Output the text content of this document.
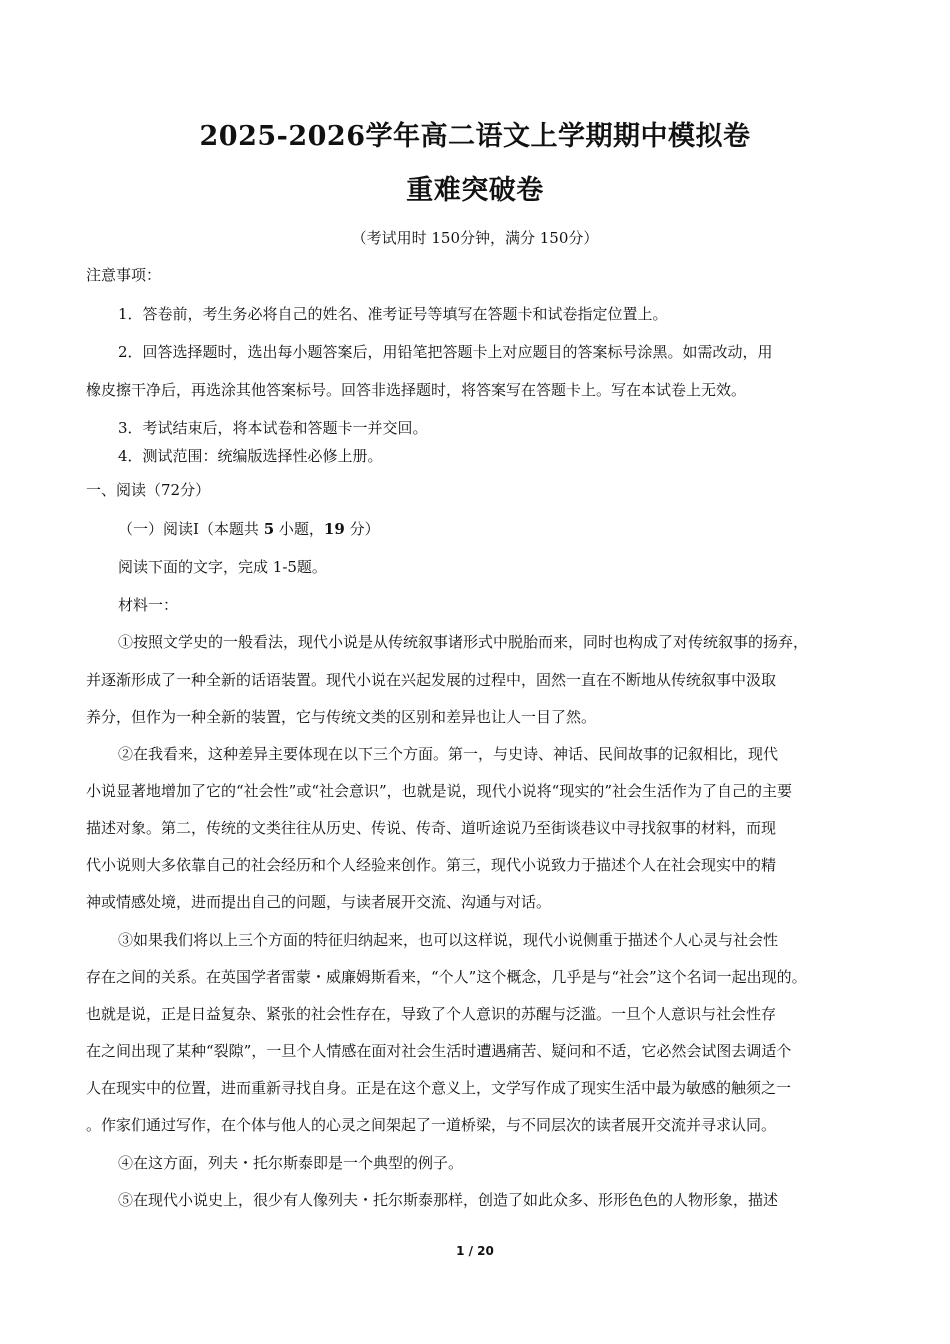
2025-2026学年高二语文上学期期中模拟卷
重难突破卷
（考试用时 150分钟，满分 150分）
注意事项：
1．答卷前，考生务必将自己的姓名、准考证号等填写在答题卡和试卷指定位置上。
2．回答选择题时，选出每小题答案后，用铅笔把答题卡上对应题目的答案标号涂黑。如需改动，用
橡皮擦干净后，再选涂其他答案标号。回答非选择题时，将答案写在答题卡上。写在本试卷上无效。
3．考试结束后，将本试卷和答题卡一并交回。
4．测试范围：统编版选择性必修上册。
一、阅读（72分）
（一）阅读Ⅰ（本题共 5 小题，19 分）
阅读下面的文字，完成 1-5题。
材料一：
①按照文学史的一般看法，现代小说是从传统叙事诸形式中脱胎而来，同时也构成了对传统叙事的扬弃，
并逐渐形成了一种全新的话语装置。现代小说在兴起发展的过程中，固然一直在不断地从传统叙事中汲取
养分，但作为一种全新的装置，它与传统文类的区别和差异也让人一目了然。
②在我看来，这种差异主要体现在以下三个方面。第一，与史诗、神话、民间故事的记叙相比，现代
小说显著地增加了它的“社会性”或“社会意识”，也就是说，现代小说将“现实的”社会生活作为了自己的主要
描述对象。第二，传统的文类往往从历史、传说、传奇、道听途说乃至街谈巷议中寻找叙事的材料，而现
代小说则大多依靠自己的社会经历和个人经验来创作。第三，现代小说致力于描述个人在社会现实中的精
神或情感处境，进而提出自己的问题，与读者展开交流、沟通与对话。
③如果我们将以上三个方面的特征归纳起来，也可以这样说，现代小说侧重于描述个人心灵与社会性
存在之间的关系。在英国学者雷蒙・威廉姆斯看来，“个人”这个概念，几乎是与“社会”这个名词一起出现的。
也就是说，正是日益复杂、紧张的社会性存在，导致了个人意识的苏醒与泛滥。一旦个人意识与社会性存
在之间出现了某种“裂隙”，一旦个人情感在面对社会生活时遭遇痛苦、疑问和不适，它必然会试图去调适个
人在现实中的位置，进而重新寻找自身。正是在这个意义上，文学写作成了现实生活中最为敏感的触须之一
。作家们通过写作，在个体与他人的心灵之间架起了一道桥梁，与不同层次的读者展开交流并寻求认同。
④在这方面，列夫・托尔斯泰即是一个典型的例子。
⑤在现代小说史上，很少有人像列夫・托尔斯泰那样，创造了如此众多、形形色色的人物形象，描述
1 / 20
